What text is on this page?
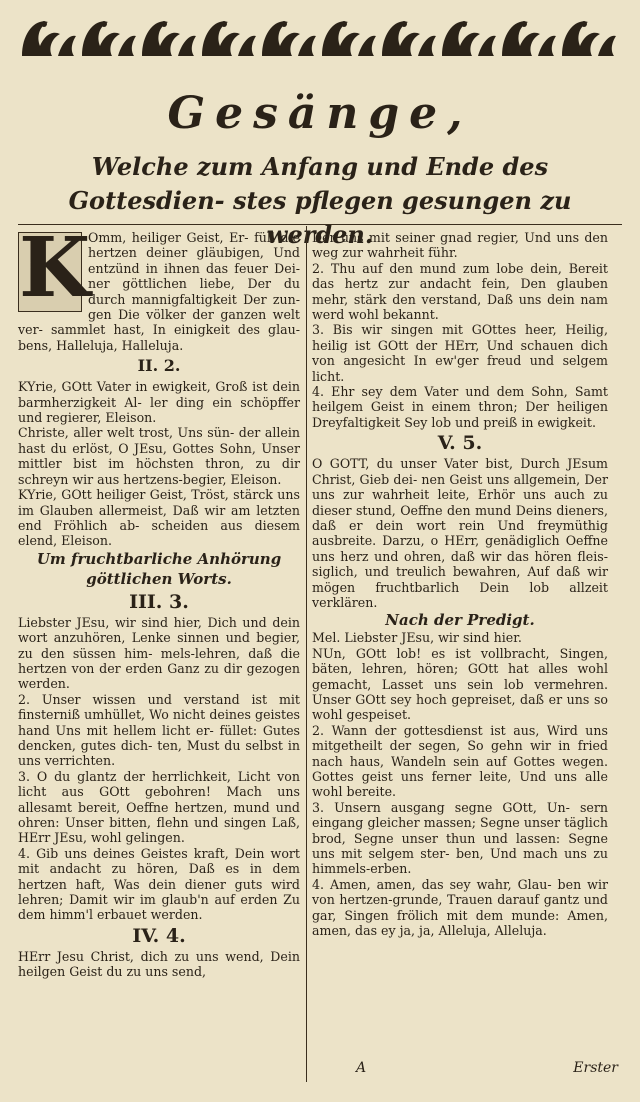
Gesänge,
Welche zum Anfang und Ende des Gottesdien- stes pflegen gesungen zu werden.
K

Omm, heiliger Geist, Er- füll die hertzen deiner gläubigen, Und entzünd in ihnen das feuer Dei- ner göttlichen liebe, Der du durch mannigfaltigkeit Der zun- gen Die völker der ganzen welt ver- sammlet hast, In einigkeit des glau- bens, Halleluja, Halleluja.

II. 2.

KYrie, GOtt Vater in ewigkeit, Groß ist dein barmherzigkeit Al- ler ding ein schöpffer und regierer, Eleison.

Christe, aller welt trost, Uns sün- der allein hast du erlöst, O JEsu, Gottes Sohn, Unser mittler bist im höchsten thron, zu dir schreyn wir aus hertzens-begier, Eleison.

KYrie, GOtt heiliger Geist, Tröst, stärck uns im Glauben allermeist, Daß wir am letzten end Fröhlich ab- scheiden aus diesem elend, Eleison.

Um fruchtbarliche Anhörung göttlichen Worts.
III. 3.

Liebster JEsu, wir sind hier, Dich und dein wort anzuhören, Lenke sinnen und begier, zu den süssen him- mels-lehren, daß die hertzen von der erden Ganz zu dir gezogen werden.

2. Unser wissen und verstand ist mit finsterniß umhüllet, Wo nicht deines geistes hand Uns mit hellem licht er- füllet: Gutes dencken, gutes dich- ten, Must du selbst in uns verrichten.

3. O du glantz der herrlichkeit, Licht von licht aus GOtt gebohren! Mach uns allesamt bereit, Oeffne hertzen, mund und ohren: Unser bitten, flehn und singen Laß, HErr JEsu, wohl gelingen.

4. Gib uns deines Geistes kraft, Dein wort mit andacht zu hören, Daß es in dem hertzen haft, Was dein diener guts wird lehren; Damit wir im glaub'n auf erden Zu dem himm'l erbauet werden.

IV. 4.

HErr Jesu Christ, dich zu uns wend, Dein heilgen Geist du zu uns send,

Der uns mit seiner gnad regier, Und uns den weg zur wahrheit führ.

2. Thu auf den mund zum lobe dein, Bereit das hertz zur andacht fein, Den glauben mehr, stärk den verstand, Daß uns dein nam werd wohl bekannt.

3. Bis wir singen mit GOttes heer, Heilig, heilig ist GOtt der HErr, Und schauen dich von angesicht In ew'ger freud und selgem licht.

4. Ehr sey dem Vater und dem Sohn, Samt heilgem Geist in einem thron; Der heiligen Dreyfaltigkeit Sey lob und preiß in ewigkeit.

V. 5.

O GOTT, du unser Vater bist, Durch JEsum Christ, Gieb dei- nen Geist uns allgemein, Der uns zur wahrheit leite, Erhör uns auch zu dieser stund, Oeffne den mund Deins dieners, daß er dein wort rein Und freymüthig ausbreite. Darzu, o HErr, genädiglich Oeffne uns herz und ohren, daß wir das hören fleis- siglich, und treulich bewahren, Auf daß wir mögen fruchtbarlich Dein lob allzeit verklären.

Nach der Predigt.

Mel. Liebster JEsu, wir sind hier.

NUn, GOtt lob! es ist vollbracht, Singen, bäten, lehren, hören; GOtt hat alles wohl gemacht, Lasset uns sein lob vermehren. Unser GOtt sey hoch gepreiset, daß er uns so wohl gespeiset.

2. Wann der gottesdienst ist aus, Wird uns mitgetheilt der segen, So gehn wir in fried nach haus, Wandeln sein auf Gottes wegen. Gottes geist uns ferner leite, Und uns alle wohl bereite.

3. Unsern ausgang segne GOtt, Un- sern eingang gleicher massen; Segne unser täglich brod, Segne unser thun und lassen: Segne uns mit selgem ster- ben, Und mach uns zu himmels-erben.

4. Amen, amen, das sey wahr, Glau- ben wir von hertzen-grunde, Trauen darauf gantz und gar, Singen frölich mit dem munde: Amen, amen, das ey ja, ja, Alleluja, Alleluja.

A	Erster
